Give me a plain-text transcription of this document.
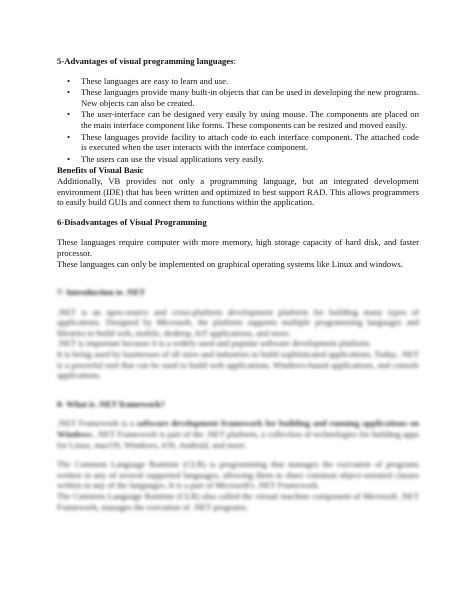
5-Advantages of visual programming languages:

• These languages are easy to learn and use.
• These languages provide many built-in objects that can be used in developing the new programs. New objects can also be created.
• The user-interface can be designed very easily by using mouse. The components are placed on the main interface component like forms. These components can be resized and moved easily.
• These languages provide facility to attach code to each interface component. The attached code is executed when the user interacts with the interface component.
• The users can use the visual applications very easily.

Benefits of Visual Basic

Additionally, VB provides not only a programming language, but an integrated development environment (IDE) that has been written and optimized to best support RAD. This allows programmers to easily build GUIs and connect them to functions within the application.

6-Disadvantages of Visual Programming

These languages require computer with more memory, high storage capacity of hard disk, and faster processor.

These languages can only be implemented on graphical operating systems like Linux and windows.

7- Introduction to .NET

.NET is an open-source and cross-platform development platform for building many types of applications. Designed by Microsoft, the platform supports multiple programming languages and libraries to build web, mobile, desktop, IoT applications, and more.

.NET is important because it is a widely used and popular software development platform.

It is being used by businesses of all sizes and industries to build sophisticated applications. Today, .NET is a powerful tool that can be used to build web applications, Windows-based applications, and console applications.

8- What is .NET framework?

.NET Framework is a software development framework for building and running applications on Windows. .NET Framework is part of the .NET platform, a collection of technologies for building apps for Linux, macOS, Windows, iOS, Android, and more.

The Common Language Runtime (CLR) is programming that manages the execution of programs written in any of several supported languages, allowing them to share common object-oriented classes written in any of the languages. It is a part of Microsoft's .NET Framework.

The Common Language Runtime (CLR) also called the virtual machine component of Microsoft .NET Framework, manages the execution of .NET programs.
